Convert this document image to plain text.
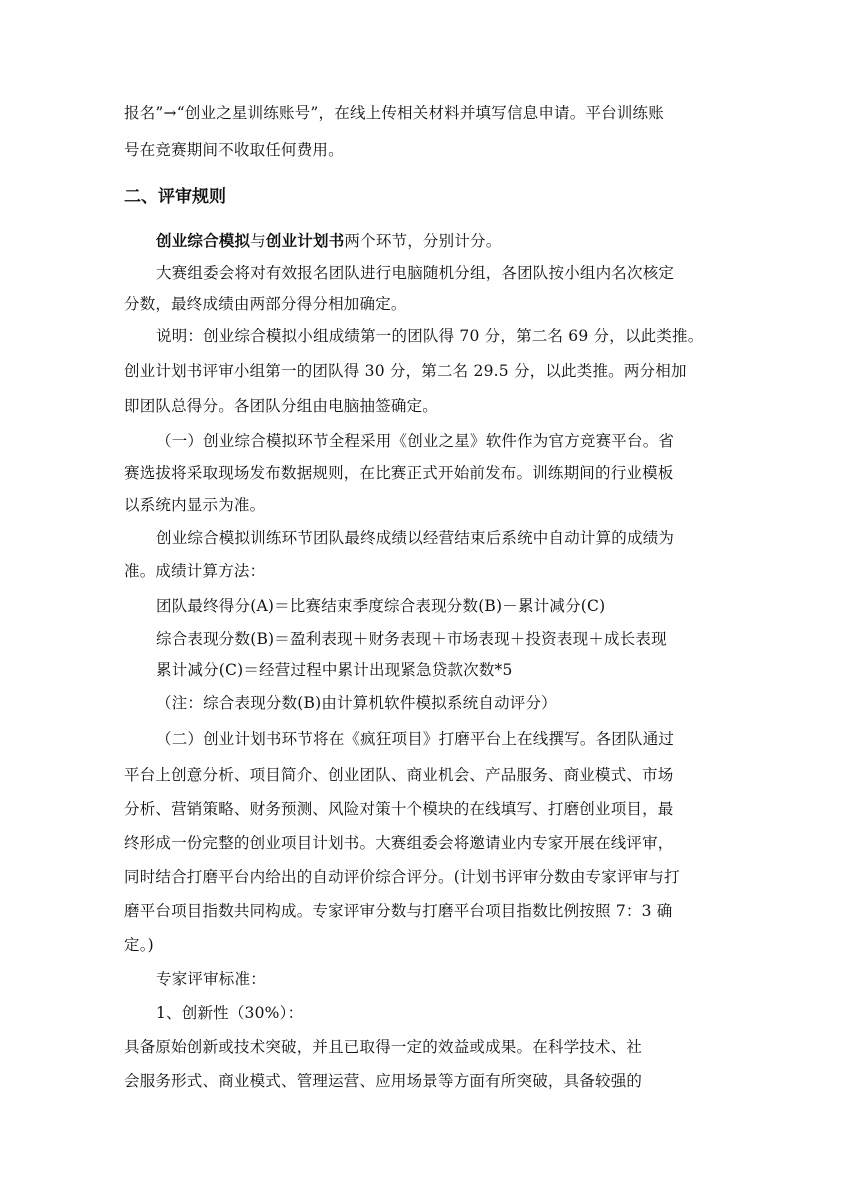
报名”→“创业之星训练账号”，在线上传相关材料并填写信息申请。平台训练账
号在竞赛期间不收取任何费用。
二、评审规则
创业综合模拟与创业计划书两个环节，分别计分。
大赛组委会将对有效报名团队进行电脑随机分组，各团队按小组内名次核定
分数，最终成绩由两部分得分相加确定。
说明：创业综合模拟小组成绩第一的团队得 70 分，第二名 69 分，以此类推。
创业计划书评审小组第一的团队得 30 分，第二名 29.5 分，以此类推。两分相加
即团队总得分。各团队分组由电脑抽签确定。
（一）创业综合模拟环节全程采用《创业之星》软件作为官方竞赛平台。省
赛选拔将采取现场发布数据规则，在比赛正式开始前发布。训练期间的行业模板
以系统内显示为准。
创业综合模拟训练环节团队最终成绩以经营结束后系统中自动计算的成绩为
准。成绩计算方法：
团队最终得分(A)＝比赛结束季度综合表现分数(B)－累计减分(C)
综合表现分数(B)＝盈利表现＋财务表现＋市场表现＋投资表现＋成长表现
累计减分(C)＝经营过程中累计出现紧急贷款次数*5
（注：综合表现分数(B)由计算机软件模拟系统自动评分）
（二）创业计划书环节将在《疯狂项目》打磨平台上在线撰写。各团队通过
平台上创意分析、项目简介、创业团队、商业机会、产品服务、商业模式、市场
分析、营销策略、财务预测、风险对策十个模块的在线填写、打磨创业项目，最
终形成一份完整的创业项目计划书。大赛组委会将邀请业内专家开展在线评审，
同时结合打磨平台内给出的自动评价综合评分。(计划书评审分数由专家评审与打
磨平台项目指数共同构成。专家评审分数与打磨平台项目指数比例按照 7：3 确
定。)
专家评审标准：
1、创新性（30%）：
具备原始创新或技术突破，并且已取得一定的效益或成果。在科学技术、社
会服务形式、商业模式、管理运营、应用场景等方面有所突破，具备较强的
